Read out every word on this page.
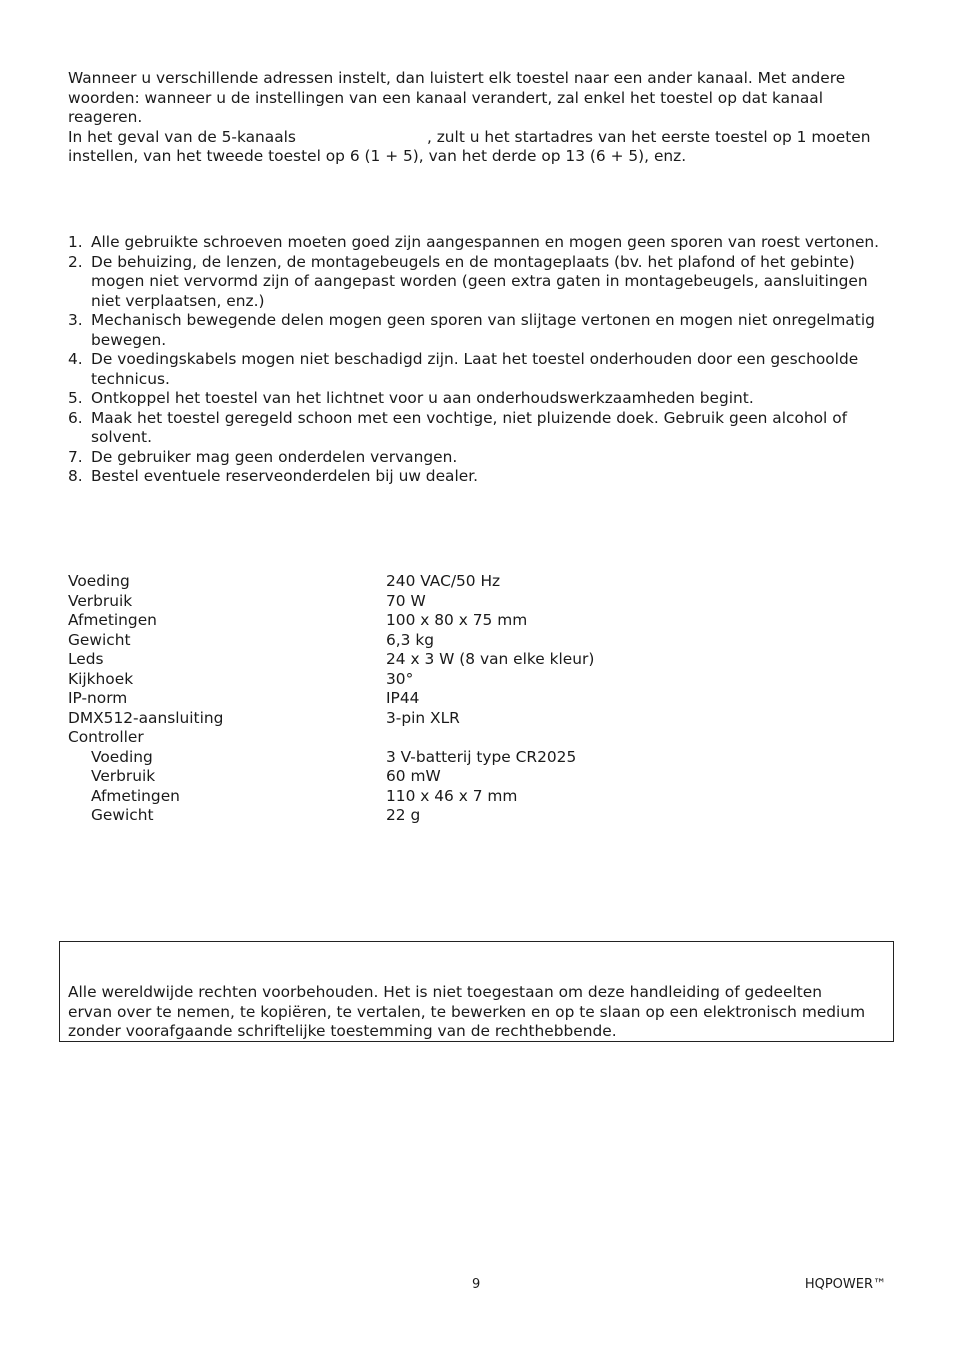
Wanneer u verschillende adressen instelt, dan luistert elk toestel naar een ander kanaal. Met andere woorden: wanneer u de instellingen van een kanaal verandert, zal enkel het toestel op dat kanaal reageren.

In het geval van de 5-kanaals	, zult u het startadres van het eerste toestel op 1 moeten instellen, van het tweede toestel op 6 (1 + 5), van het derde op 13 (6 + 5), enz.

1. Alle gebruikte schroeven moeten goed zijn aangespannen en mogen geen sporen van roest vertonen.
2. De behuizing, de lenzen, de montagebeugels en de montageplaats (bv. het plafond of het gebinte) mogen niet vervormd zijn of aangepast worden (geen extra gaten in montagebeugels, aansluitingen niet verplaatsen, enz.)
3. Mechanisch bewegende delen mogen geen sporen van slijtage vertonen en mogen niet onregelmatig bewegen.
4. De voedingskabels mogen niet beschadigd zijn. Laat het toestel onderhouden door een geschoolde technicus.
5. Ontkoppel het toestel van het lichtnet voor u aan onderhoudswerkzaamheden begint.
6. Maak het toestel geregeld schoon met een vochtige, niet pluizende doek. Gebruik geen alcohol of solvent.
7. De gebruiker mag geen onderdelen vervangen.
8. Bestel eventuele reserveonderdelen bij uw dealer.
Voeding	240 VAC/50 Hz
Verbruik	70 W
Afmetingen	100 x 80 x 75 mm
Gewicht	6,3 kg
Leds	24 x 3 W (8 van elke kleur)
Kijkhoek	30°
IP-norm	IP44
DMX512-aansluiting	3-pin XLR
Controller
Voeding	3 V-batterij type CR2025
Verbruik	60 mW
Afmetingen	110 x 46 x 7 mm
Gewicht	22 g

Alle wereldwijde rechten voorbehouden. Het is niet toegestaan om deze handleiding of gedeelten ervan over te nemen, te kopiëren, te vertalen, te bewerken en op te slaan op een elektronisch medium zonder voorafgaande schriftelijke toestemming van de rechthebbende.

9	HQPOWER™
